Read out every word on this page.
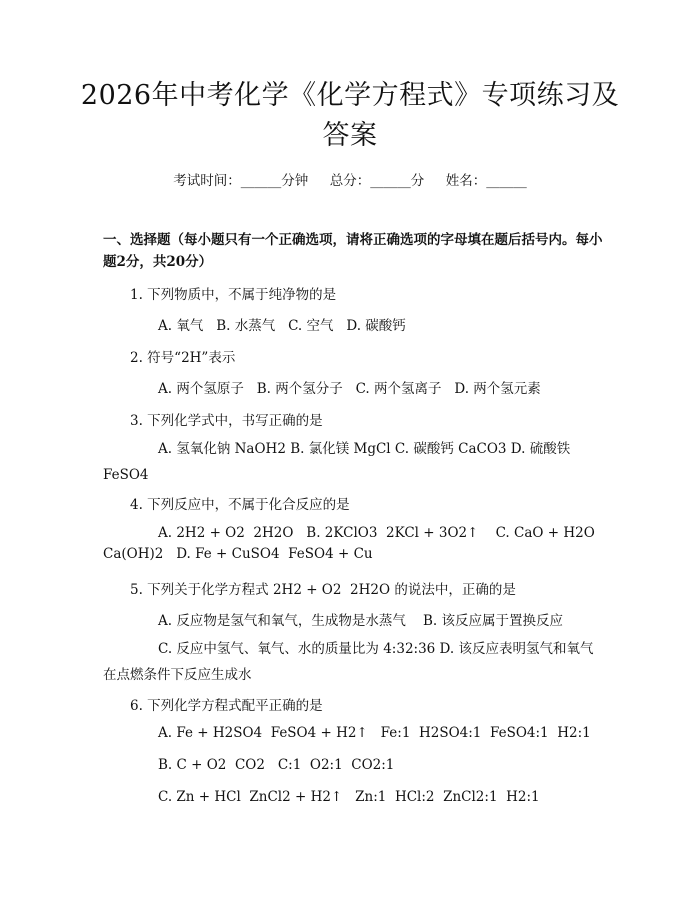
2026年中考化学《化学方程式》专项练习及答案
考试时间：______分钟     总分：______分     姓名：______
一、选择题（每小题只有一个正确选项，请将正确选项的字母填在题后括号内。每小题2分，共20分）
1. 下列物质中，不属于纯净物的是
A. 氧气   B. 水蒸气   C. 空气   D. 碳酸钙
2. 符号“2H”表示
A. 两个氢原子   B. 两个氢分子   C. 两个氢离子   D. 两个氢元素
3. 下列化学式中，书写正确的是
A. 氢氧化钠 NaOH2 B. 氯化镁 MgCl C. 碳酸钙 CaCO3 D. 硫酸铁 FeSO4
4. 下列反应中，不属于化合反应的是
A. 2H2 + O2  2H2O   B. 2KClO3  2KCl + 3O2↑    C. CaO + H2O
Ca(OH)2   D. Fe + CuSO4  FeSO4 + Cu
5. 下列关于化学方程式 2H2 + O2  2H2O 的说法中，正确的是
A. 反应物是氢气和氧气，生成物是水蒸气    B. 该反应属于置换反应
C. 反应中氢气、氧气、水的质量比为 4:32:36 D. 该反应表明氢气和氧气在点燃条件下反应生成水
6. 下列化学方程式配平正确的是
A. Fe + H2SO4  FeSO4 + H2↑   Fe:1  H2SO4:1  FeSO4:1  H2:1
B. C + O2  CO2   C:1  O2:1  CO2:1
C. Zn + HCl  ZnCl2 + H2↑   Zn:1  HCl:2  ZnCl2:1  H2:1
